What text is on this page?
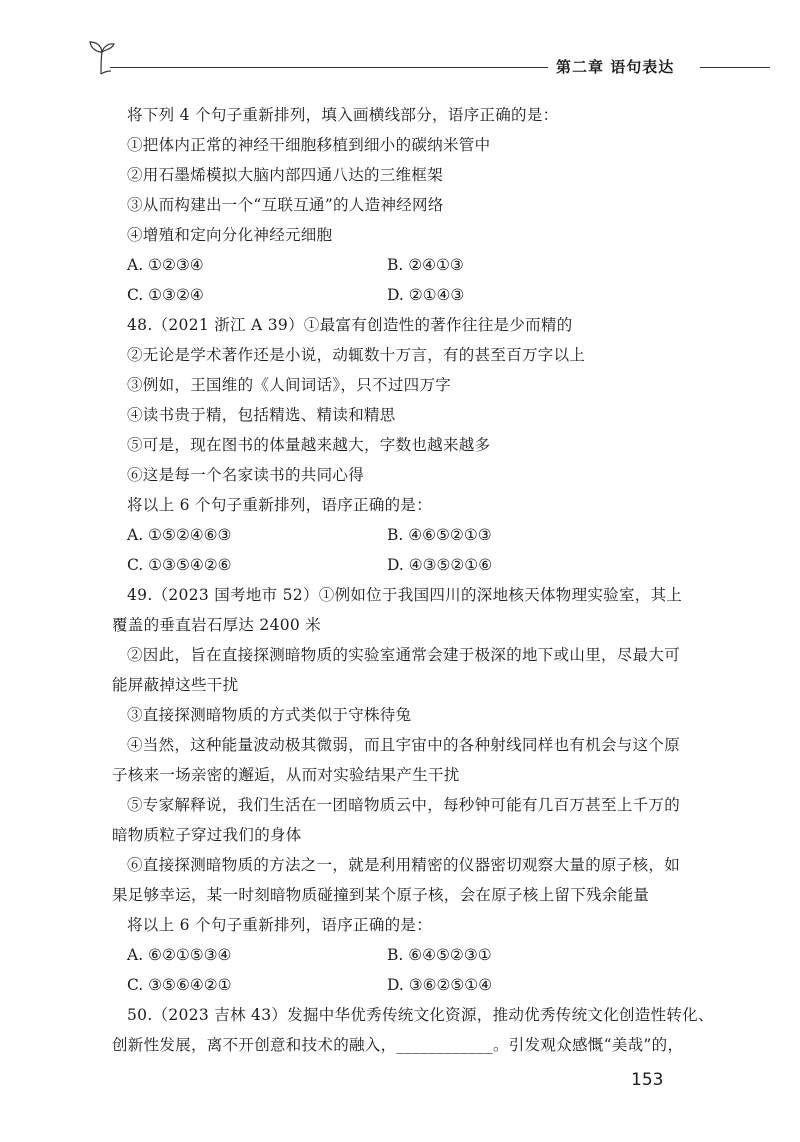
第二章 语句表达
将下列 4 个句子重新排列，填入画横线部分，语序正确的是：
①把体内正常的神经干细胞移植到细小的碳纳米管中
②用石墨烯模拟大脑内部四通八达的三维框架
③从而构建出一个“互联互通”的人造神经网络
④增殖和定向分化神经元细胞
A. ①②③④	B. ②④①③
C. ①③②④	D. ②①④③
48.（2021 浙江 A 39）①最富有创造性的著作往往是少而精的
②无论是学术著作还是小说，动辄数十万言，有的甚至百万字以上
③例如，王国维的《人间词话》，只不过四万字
④读书贵于精，包括精选、精读和精思
⑤可是，现在图书的体量越来越大，字数也越来越多
⑥这是每一个名家读书的共同心得
将以上 6 个句子重新排列，语序正确的是：
A. ①⑤②④⑥③	B. ④⑥⑤②①③
C. ①③⑤④②⑥	D. ④③⑤②①⑥
49.（2023 国考地市 52）①例如位于我国四川的深地核天体物理实验室，其上
覆盖的垂直岩石厚达 2400 米
②因此，旨在直接探测暗物质的实验室通常会建于极深的地下或山里，尽最大可
能屏蔽掉这些干扰
③直接探测暗物质的方式类似于守株待兔
④当然，这种能量波动极其微弱，而且宇宙中的各种射线同样也有机会与这个原
子核来一场亲密的邂逅，从而对实验结果产生干扰
⑤专家解释说，我们生活在一团暗物质云中，每秒钟可能有几百万甚至上千万的
暗物质粒子穿过我们的身体
⑥直接探测暗物质的方法之一，就是利用精密的仪器密切观察大量的原子核，如
果足够幸运，某一时刻暗物质碰撞到某个原子核，会在原子核上留下残余能量
将以上 6 个句子重新排列，语序正确的是：
A. ⑥②①⑤③④	B. ⑥④⑤②③①
C. ③⑤⑥④②①	D. ③⑥②⑤①④
50.（2023 吉林 43）发掘中华优秀传统文化资源，推动优秀传统文化创造性转化、
创新性发展，离不开创意和技术的融入，____________。引发观众感慨“美哉”的，
153
